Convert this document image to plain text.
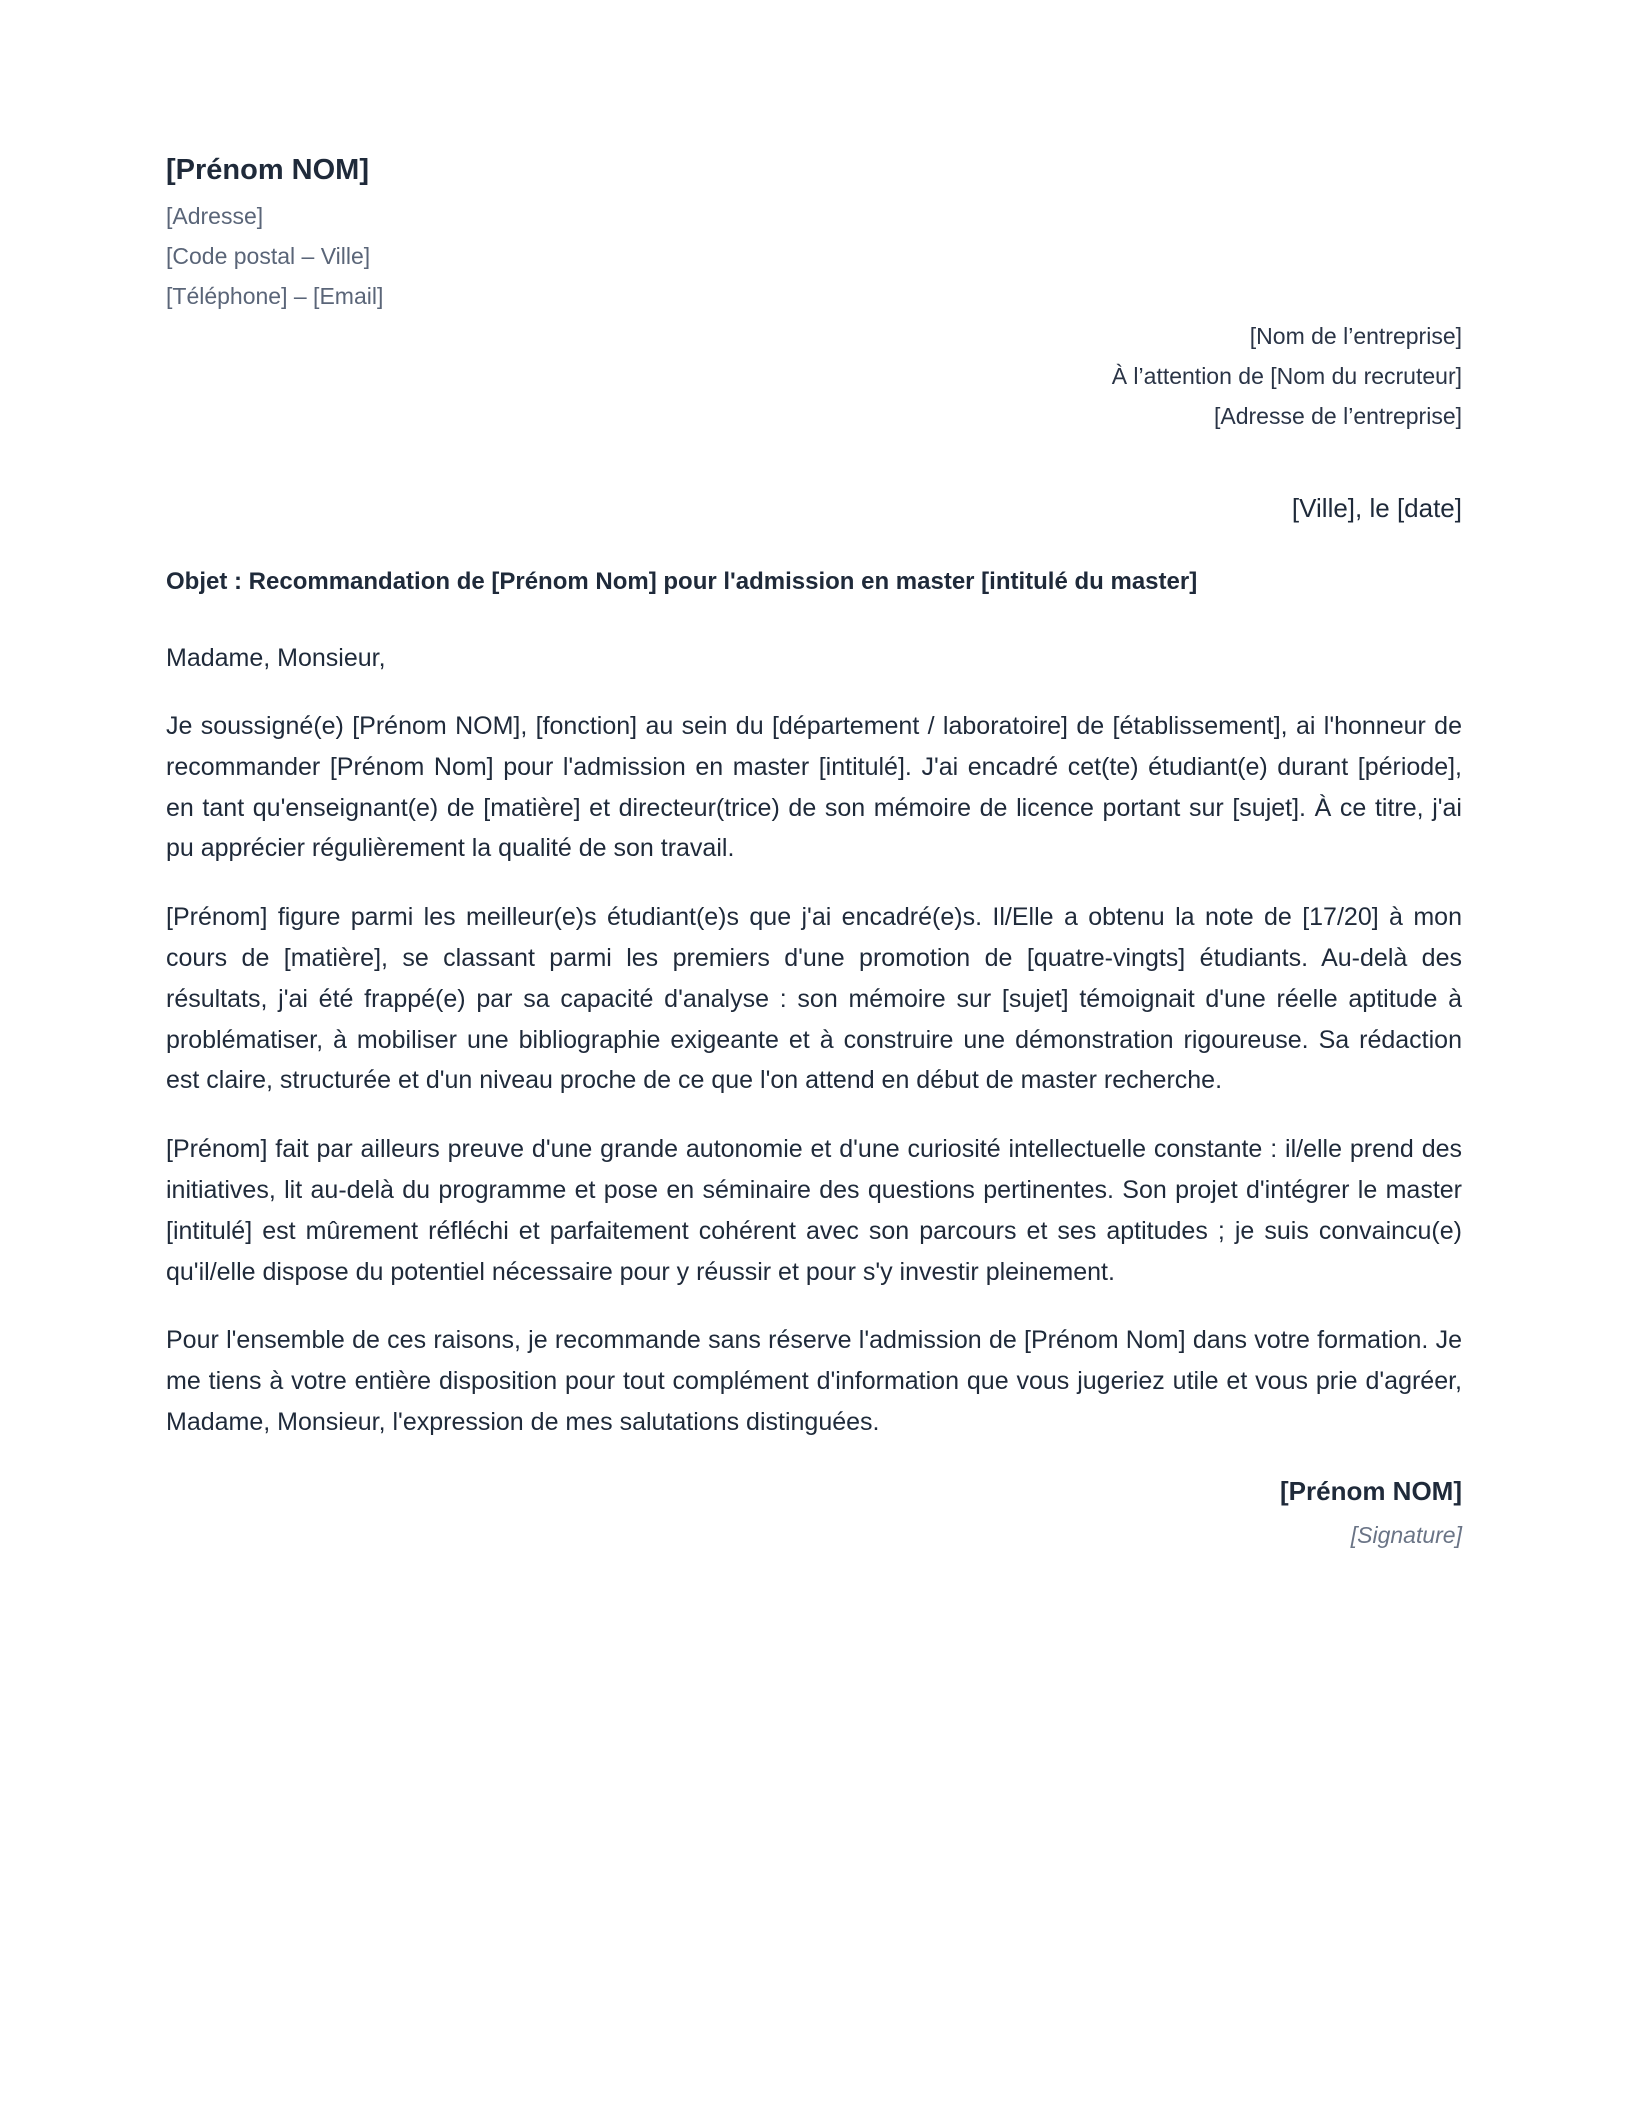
[Prénom NOM]

[Adresse]

[Code postal – Ville]

[Téléphone] – [Email]

[Nom de l’entreprise]

À l’attention de [Nom du recruteur]

[Adresse de l’entreprise]

[Ville], le [date]

Objet : Recommandation de [Prénom Nom] pour l'admission en master [intitulé du master]

Madame, Monsieur,

Je soussigné(e) [Prénom NOM], [fonction] au sein du [département / laboratoire] de [établissement], ai l'honneur de recommander [Prénom Nom] pour l'admission en master [intitulé]. J'ai encadré cet(te) étudiant(e) durant [période], en tant qu'enseignant(e) de [matière] et directeur(trice) de son mémoire de licence portant sur [sujet]. À ce titre, j'ai pu apprécier régulièrement la qualité de son travail.

[Prénom] figure parmi les meilleur(e)s étudiant(e)s que j'ai encadré(e)s. Il/Elle a obtenu la note de [17/20] à mon cours de [matière], se classant parmi les premiers d'une promotion de [quatre-vingts] étudiants. Au-delà des résultats, j'ai été frappé(e) par sa capacité d'analyse : son mémoire sur [sujet] témoignait d'une réelle aptitude à problématiser, à mobiliser une bibliographie exigeante et à construire une démonstration rigoureuse. Sa rédaction est claire, structurée et d'un niveau proche de ce que l'on attend en début de master recherche.

[Prénom] fait par ailleurs preuve d'une grande autonomie et d'une curiosité intellectuelle constante : il/elle prend des initiatives, lit au-delà du programme et pose en séminaire des questions pertinentes. Son projet d'intégrer le master [intitulé] est mûrement réfléchi et parfaitement cohérent avec son parcours et ses aptitudes ; je suis convaincu(e) qu'il/elle dispose du potentiel nécessaire pour y réussir et pour s'y investir pleinement.

Pour l'ensemble de ces raisons, je recommande sans réserve l'admission de [Prénom Nom] dans votre formation. Je me tiens à votre entière disposition pour tout complément d'information que vous jugeriez utile et vous prie d'agréer, Madame, Monsieur, l'expression de mes salutations distinguées.

[Prénom NOM]

[Signature]
